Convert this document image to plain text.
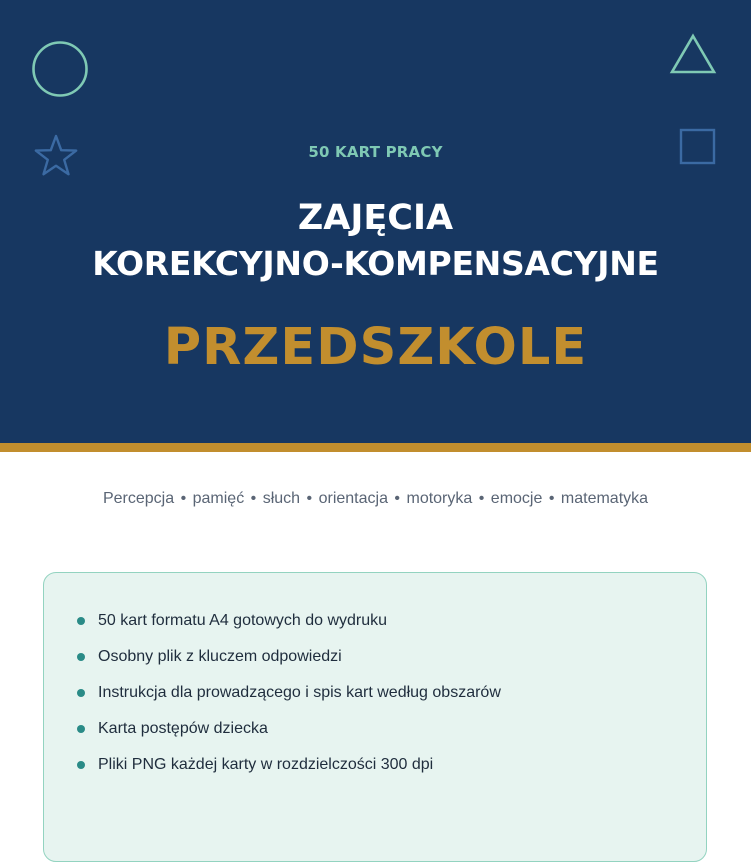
50 KART PRACY
ZAJĘCIA
KOREKCYJNO-KOMPENSACYJNE
PRZEDSZKOLE
Percepcja • pamięć • słuch • orientacja • motoryka • emocje • matematyka
50 kart formatu A4 gotowych do wydruku
Osobny plik z kluczem odpowiedzi
Instrukcja dla prowadzącego i spis kart według obszarów
Karta postępów dziecka
Pliki PNG każdej karty w rozdzielczości 300 dpi
